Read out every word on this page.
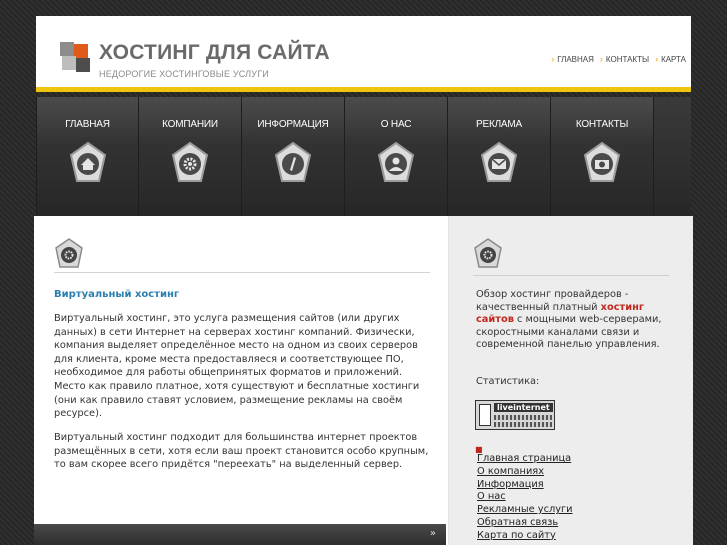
ХОСТИНГ ДЛЯ САЙТА
НЕДОРОГИЕ ХОСТИНГОВЫЕ УСЛУГИ
› ГЛАВНАЯ › КОНТАКТЫ › КАРТА
ГЛАВНАЯ	КОМПАНИИ	ИНФОРМАЦИЯ	О НАС	РЕКЛАМА	КОНТАКТЫ
Виртуальный хостинг

Виртуальный хостинг, это услуга размещения сайтов (или других данных) в сети Интернет на серверах хостинг компаний. Физически, компания выделяет определённое место на одном из своих серверов для клиента, кроме места предоставляеся и соответствующее ПО, необходимое для работы общепринятых форматов и приложений. Место как правило платное, хотя существуют и бесплатные хостинги (они как правило ставят условием, размещение рекламы на своём ресурсе).

Виртуальный хостинг подходит для большинства интернет проектов размещённых в сети, хотя если ваш проект становится особо крупным, то вам скорее всего придётся "переехать" на выделенный сервер.

»
Обзор хостинг провайдеров - качественный платный хостинг сайтов с мощными web-серверами, скоростными каналами связи и современной панелью управления.
Статистика:
liveinternet
■
Главная страница
О компаниях
Информация
О нас
Рекламные услуги
Обратная связь
Карта по сайту
